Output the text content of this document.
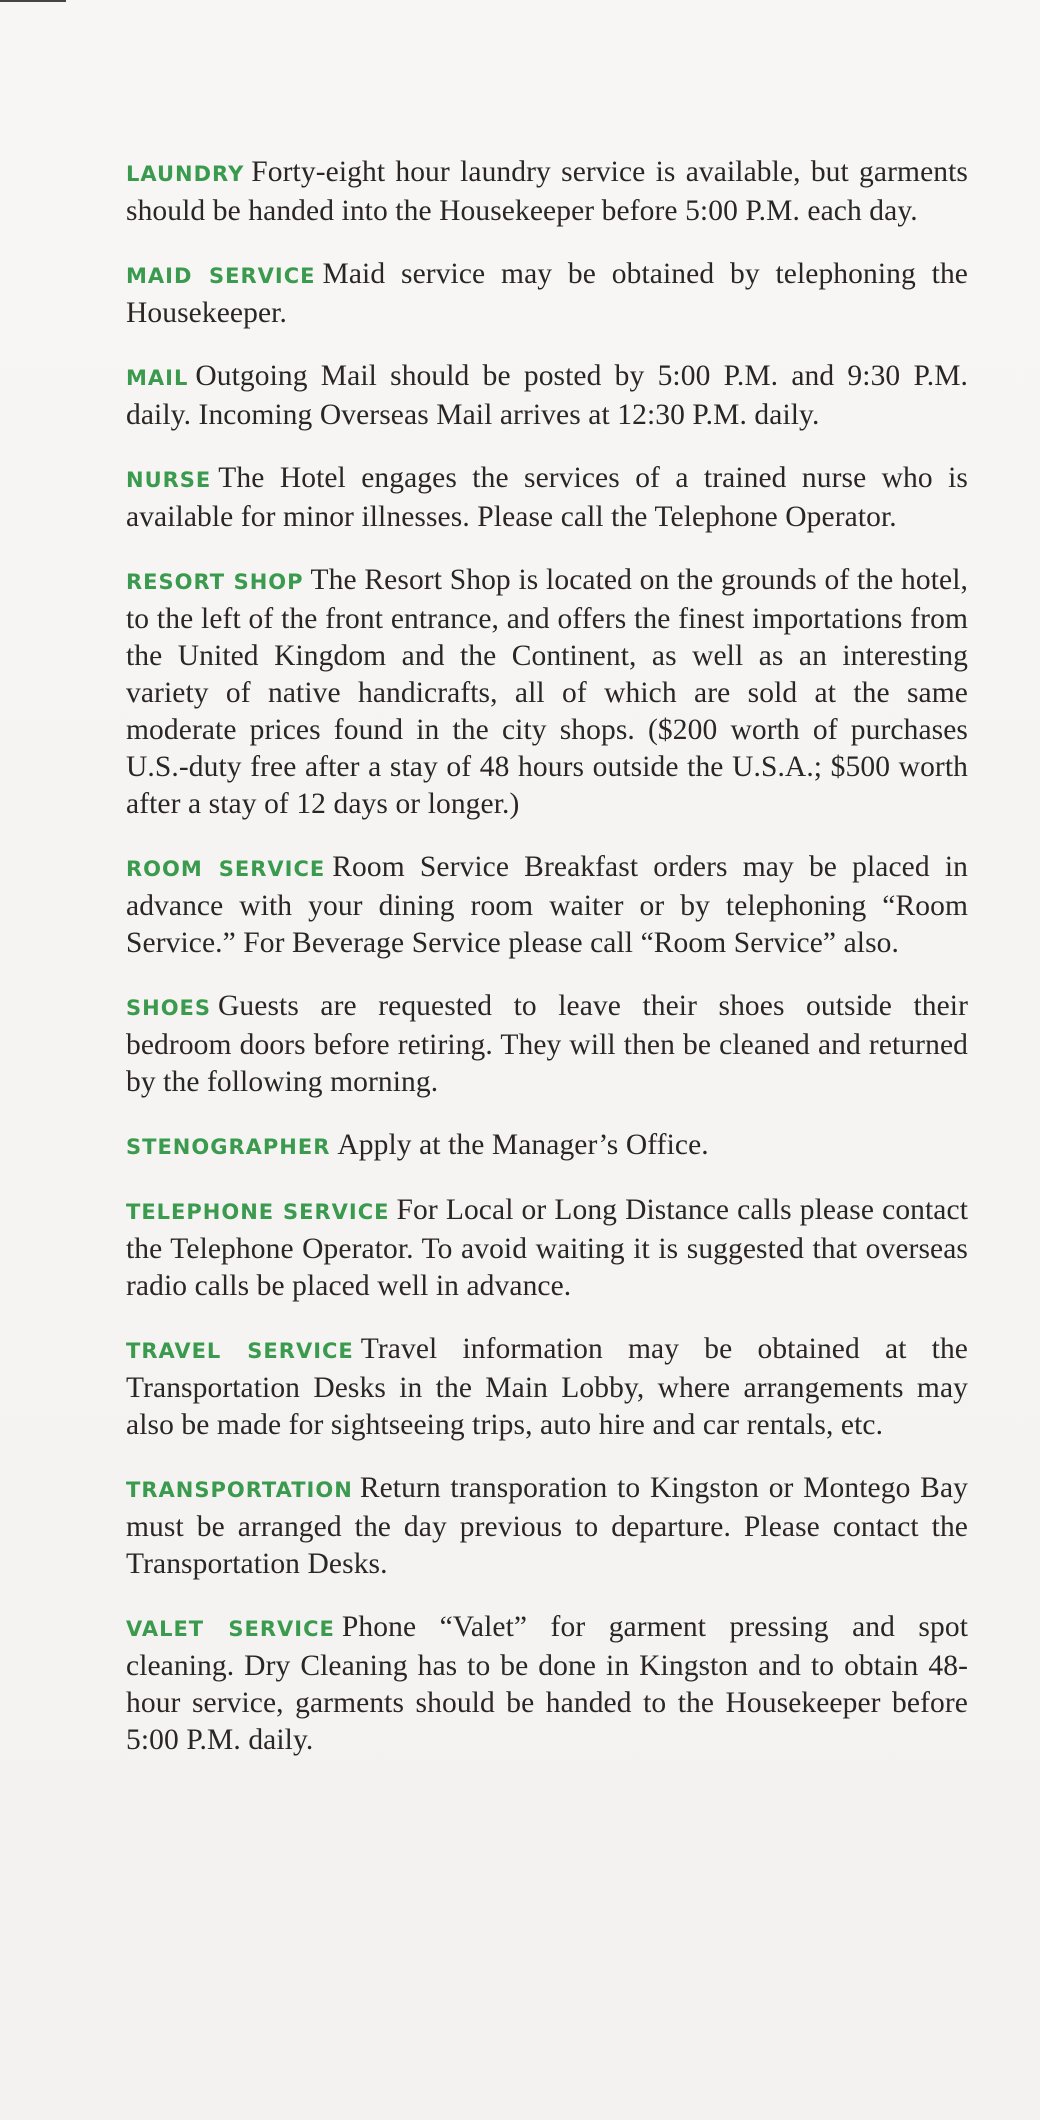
LAUNDRY Forty-eight hour laundry service is available, but garments should be handed into the Housekeeper before 5:00 P.M. each day.

MAID SERVICE Maid service may be obtained by telephoning the Housekeeper.

MAIL Outgoing Mail should be posted by 5:00 P.M. and 9:30 P.M. daily. Incoming Overseas Mail arrives at 12:30 P.M. daily.

NURSE The Hotel engages the services of a trained nurse who is available for minor illnesses. Please call the Telephone Operator.

RESORT SHOP The Resort Shop is located on the grounds of the hotel, to the left of the front entrance, and offers the finest importations from the United Kingdom and the Continent, as well as an interesting variety of native handicrafts, all of which are sold at the same moderate prices found in the city shops. ($200 worth of purchases U.S.-duty free after a stay of 48 hours outside the U.S.A.; $500 worth after a stay of 12 days or longer.)

ROOM SERVICE Room Service Breakfast orders may be placed in advance with your dining room waiter or by telephoning “Room Service.” For Beverage Service please call “Room Service” also.

SHOES Guests are requested to leave their shoes outside their bedroom doors before retiring. They will then be cleaned and returned by the following morning.

STENOGRAPHER Apply at the Manager’s Office.

TELEPHONE SERVICE For Local or Long Distance calls please contact the Telephone Operator. To avoid waiting it is suggested that overseas radio calls be placed well in advance.

TRAVEL SERVICE Travel information may be obtained at the Transportation Desks in the Main Lobby, where arrangements may also be made for sightseeing trips, auto hire and car rentals, etc.

TRANSPORTATION Return transporation to Kingston or Montego Bay must be arranged the day previous to departure. Please contact the Transportation Desks.

VALET SERVICE Phone “Valet” for garment pressing and spot cleaning. Dry Cleaning has to be done in Kingston and to obtain 48-hour service, garments should be handed to the Housekeeper before 5:00 P.M. daily.
